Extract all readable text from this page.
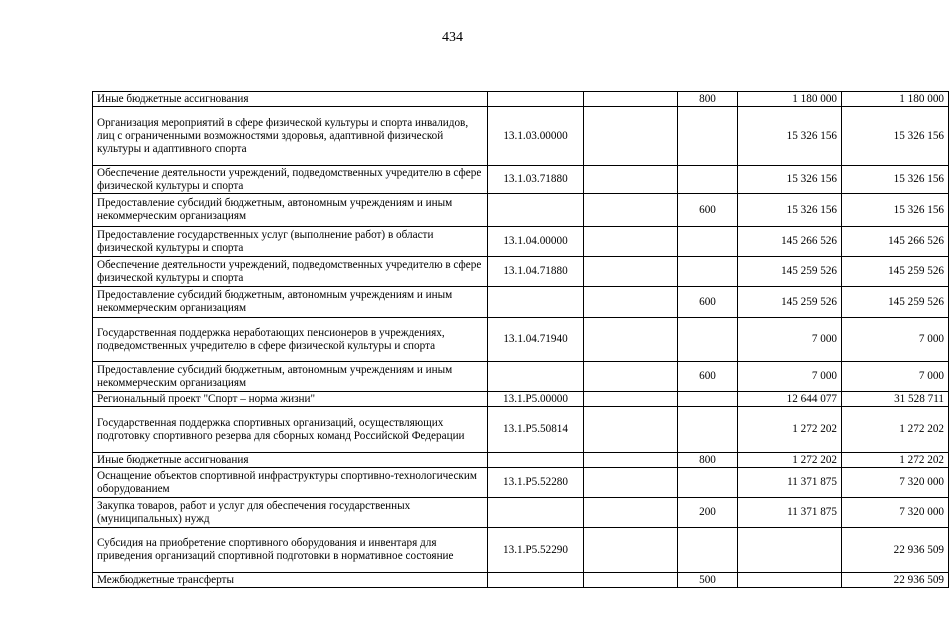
434
Иные бюджетные ассигнования			800	1 180 000	1 180 000
Организация мероприятий в сфере физической культуры и спорта инвалидов, лиц с ограниченными возможностями здоровья, адаптивной физической культуры и адаптивного спорта	13.1.03.00000			15 326 156	15 326 156
Обеспечение деятельности учреждений, подведомственных учредителю в сфере физической культуры и спорта	13.1.03.71880			15 326 156	15 326 156
Предоставление субсидий бюджетным, автономным учреждениям и иным некоммерческим организациям			600	15 326 156	15 326 156
Предоставление государственных услуг (выполнение работ) в области физической культуры и спорта	13.1.04.00000			145 266 526	145 266 526
Обеспечение деятельности учреждений, подведомственных учредителю в сфере физической культуры и спорта	13.1.04.71880			145 259 526	145 259 526
Предоставление субсидий бюджетным, автономным учреждениям и иным некоммерческим организациям			600	145 259 526	145 259 526
Государственная поддержка неработающих пенсионеров в учреждениях, подведомственных учредителю в сфере физической культуры и спорта	13.1.04.71940			7 000	7 000
Предоставление субсидий бюджетным, автономным учреждениям и иным некоммерческим организациям			600	7 000	7 000
Региональный проект "Спорт – норма жизни"	13.1.P5.00000			12 644 077	31 528 711
Государственная поддержка спортивных организаций, осуществляющих подготовку спортивного резерва для сборных команд Российской Федерации	13.1.P5.50814			1 272 202	1 272 202
Иные бюджетные ассигнования			800	1 272 202	1 272 202
Оснащение объектов спортивной инфраструктуры спортивно-технологическим оборудованием	13.1.P5.52280			11 371 875	7 320 000
Закупка товаров, работ и услуг для обеспечения государственных (муниципальных) нужд			200	11 371 875	7 320 000
Субсидия на приобретение спортивного оборудования и инвентаря для приведения организаций спортивной подготовки в нормативное состояние	13.1.P5.52290				22 936 509
Межбюджетные трансферты			500		22 936 509
